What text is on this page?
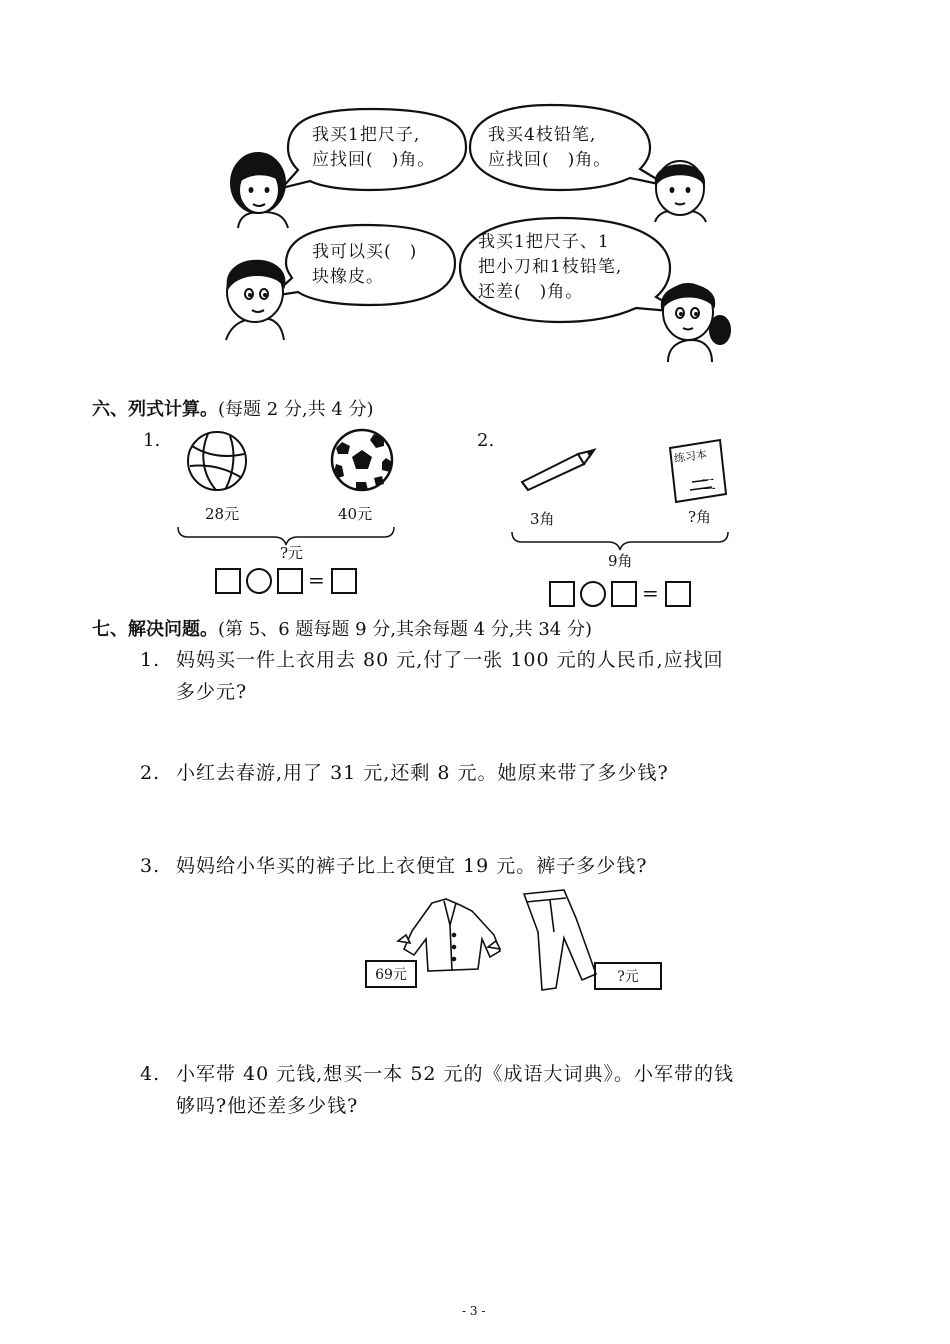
我买1把尺子,
应找回(　)角。
我买4枝铅笔,
应找回(　)角。
我可以买(　)
块橡皮。
我买1把尺子、1
把小刀和1枝铅笔,
还差(　)角。
六、列式计算。(每题 2 分,共 4 分)
1.
28元	40元
?元
=
2.
二
练习本
3角	?角
9角
=
七、解决问题。(第 5、6 题每题 9 分,其余每题 4 分,共 34 分)
1. 妈妈买一件上衣用去 80 元,付了一张 100 元的人民币,应找回
多少元?
2. 小红去春游,用了 31 元,还剩 8 元。她原来带了多少钱?
3. 妈妈给小华买的裤子比上衣便宜 19 元。裤子多少钱?
69元	?元
4. 小军带 40 元钱,想买一本 52 元的《成语大词典》。小军带的钱
够吗?他还差多少钱?
- 3 -
